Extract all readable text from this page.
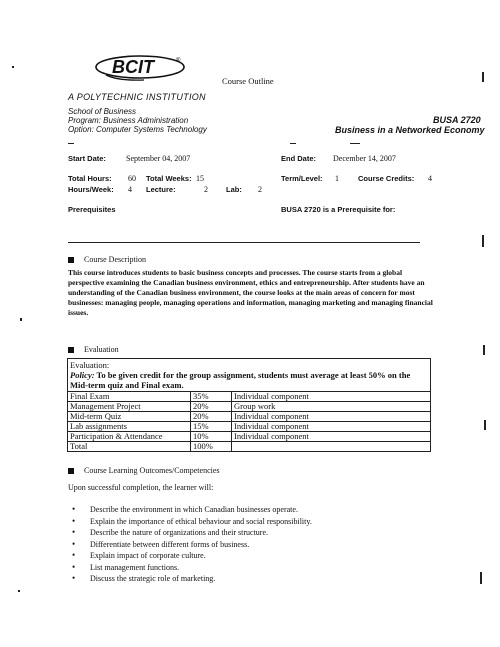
BCIT	®
Course Outline
A POLYTECHNIC INSTITUTION
School of Business
Program: Business Administration
Option: Computer Systems Technology
BUSA 2720
Business in a Networked Economy
Start Date:	September 04, 2007	End Date: December 14, 2007
Total Hours: 60 Total Weeks: 15	Term/Level: 1	Course Credits: 4
Hours/Week: 4 Lecture:	2 Lab: 2
Prerequisites	BUSA 2720 is a Prerequisite for:
Course Description
This course introduces students to basic business concepts and processes. The course starts from a global perspective examining the Canadian business environment, ethics and entrepreneurship. After students have an understanding of the Canadian business environment, the course looks at the main areas of concern for most businesses: managing people, managing operations and information, managing marketing and managing financial issues.
Evaluation
Evaluation:
Policy: To be given credit for the group assignment, students must average at least 50% on the Mid-term quiz and Final exam.		

Final Exam	35%	Individual component
Management Project	20%	Group work
Mid-term Quiz	20%	Individual component
Lab assignments	15%	Individual component
Participation & Attendance	10%	Individual component
Total	100%	
Course Learning Outcomes/Competencies
Upon successful completion, the learner will:
• Describe the environment in which Canadian businesses operate.
• Explain the importance of ethical behaviour and social responsibility.
• Describe the nature of organizations and their structure.
• Differentiate between different forms of business.
• Explain impact of corporate culture.
• List management functions.
• Discuss the strategic role of marketing.
